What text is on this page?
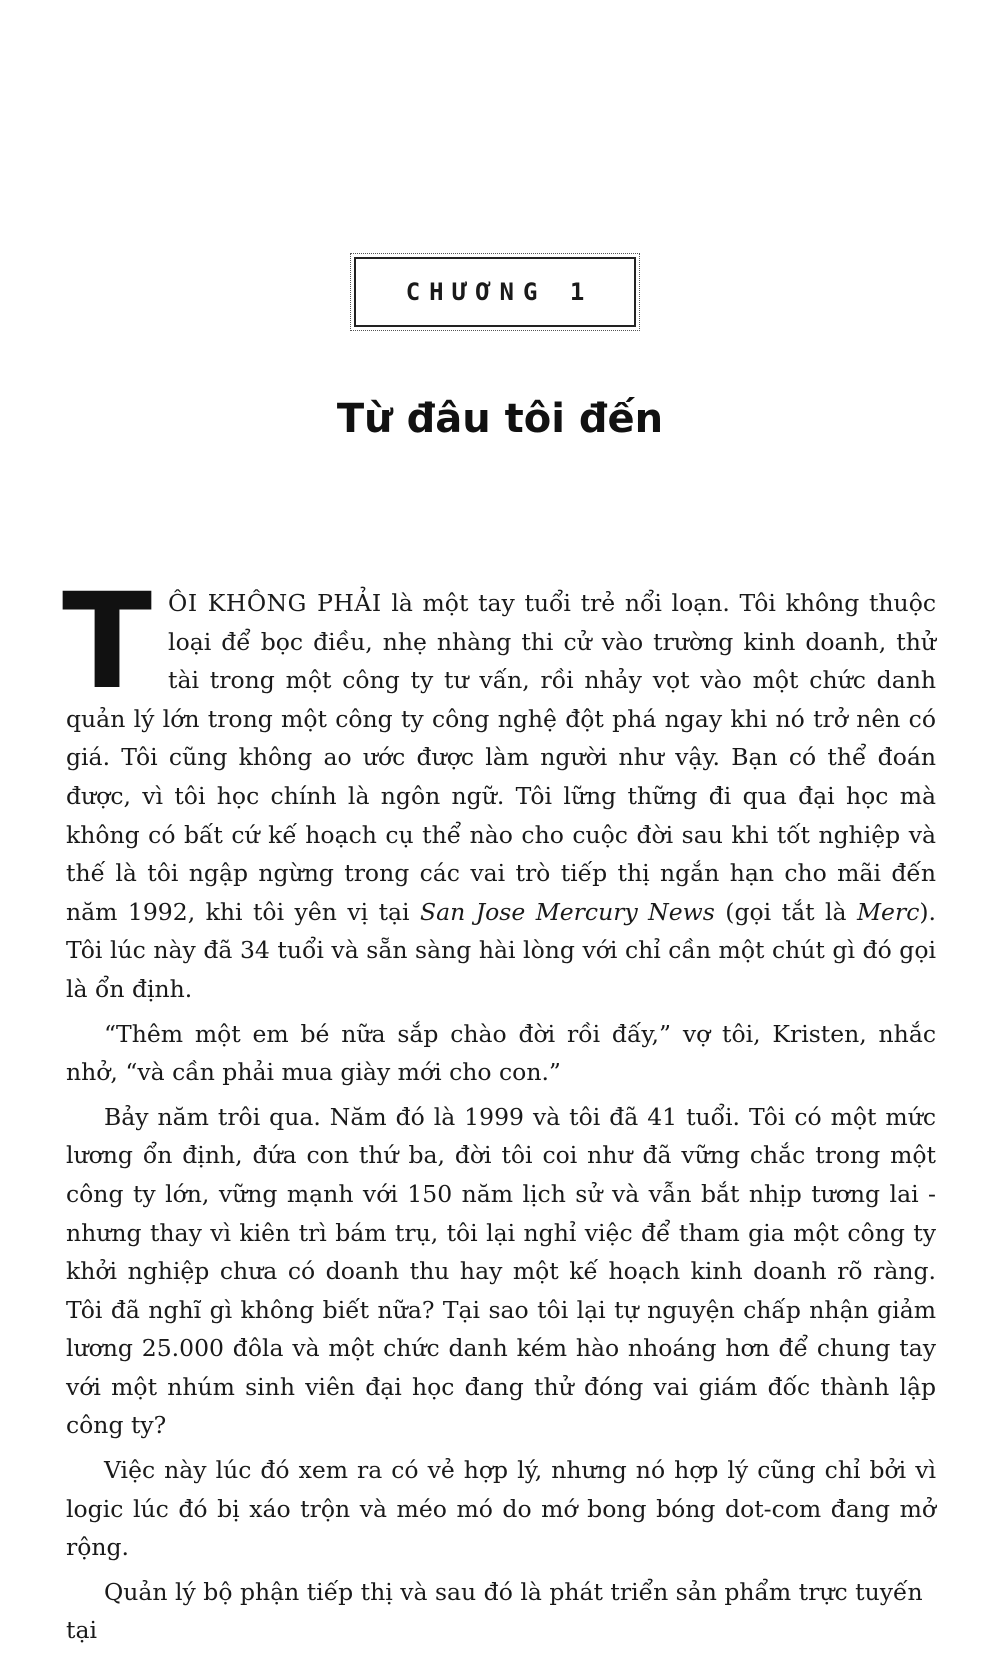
CHƯƠNG 1
Từ đâu tôi đến

TÔI KHÔNG PHẢI là một tay tuổi trẻ nổi loạn. Tôi không thuộc loại để bọc điều, nhẹ nhàng thi cử vào trường kinh doanh, thử tài trong một công ty tư vấn, rồi nhảy vọt vào một chức danh quản lý lớn trong một công ty công nghệ đột phá ngay khi nó trở nên có giá. Tôi cũng không ao ước được làm người như vậy. Bạn có thể đoán được, vì tôi học chính là ngôn ngữ. Tôi lững thững đi qua đại học mà không có bất cứ kế hoạch cụ thể nào cho cuộc đời sau khi tốt nghiệp và thế là tôi ngập ngừng trong các vai trò tiếp thị ngắn hạn cho mãi đến năm 1992, khi tôi yên vị tại San Jose Mercury News (gọi tắt là Merc). Tôi lúc này đã 34 tuổi và sẵn sàng hài lòng với chỉ cần một chút gì đó gọi là ổn định.

“Thêm một em bé nữa sắp chào đời rồi đấy,” vợ tôi, Kristen, nhắc nhở, “và cần phải mua giày mới cho con.”

Bảy năm trôi qua. Năm đó là 1999 và tôi đã 41 tuổi. Tôi có một mức lương ổn định, đứa con thứ ba, đời tôi coi như đã vững chắc trong một công ty lớn, vững mạnh với 150 năm lịch sử và vẫn bắt nhịp tương lai - nhưng thay vì kiên trì bám trụ, tôi lại nghỉ việc để tham gia một công ty khởi nghiệp chưa có doanh thu hay một kế hoạch kinh doanh rõ ràng. Tôi đã nghĩ gì không biết nữa? Tại sao tôi lại tự nguyện chấp nhận giảm lương 25.000 đôla và một chức danh kém hào nhoáng hơn để chung tay với một nhúm sinh viên đại học đang thử đóng vai giám đốc thành lập công ty?

Việc này lúc đó xem ra có vẻ hợp lý, nhưng nó hợp lý cũng chỉ bởi vì logic lúc đó bị xáo trộn và méo mó do mớ bong bóng dot-com đang mở rộng.

Quản lý bộ phận tiếp thị và sau đó là phát triển sản phẩm trực tuyến tại
